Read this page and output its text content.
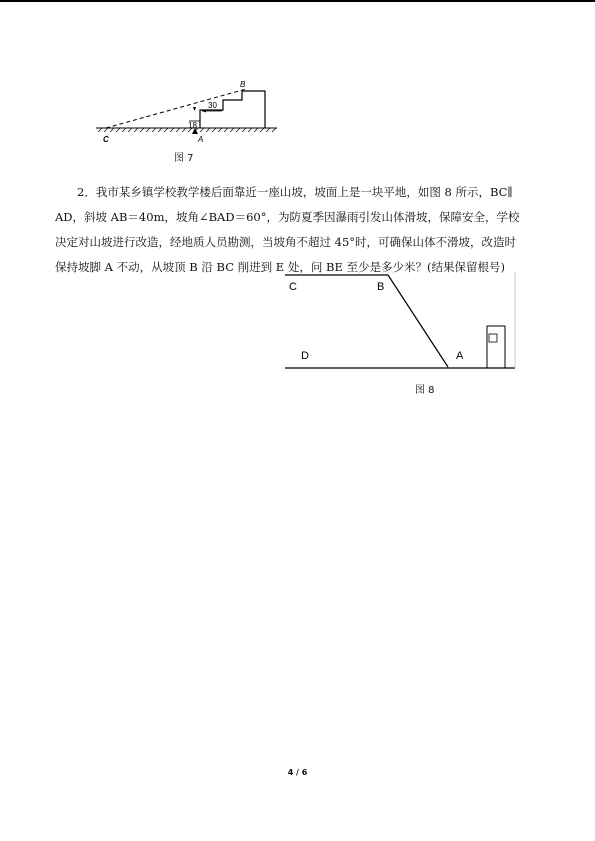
B
C	A
30
18
图 7
2．我市某乡镇学校教学楼后面靠近一座山坡，坡面上是一块平地，如图 8 所示，BC∥
AD，斜坡 AB＝40m，坡角∠BAD＝60°，为防夏季因瀑雨引发山体滑坡，保障安全，学校
决定对山坡进行改造，经地质人员勘测，当坡角不超过 45°时，可确保山体不滑坡，改造时
保持坡脚 A 不动，从坡顶 B 沿 BC 削进到 E 处，问 BE 至少是多少米？(结果保留根号)
C	B
D	A
图 8
4 / 6
